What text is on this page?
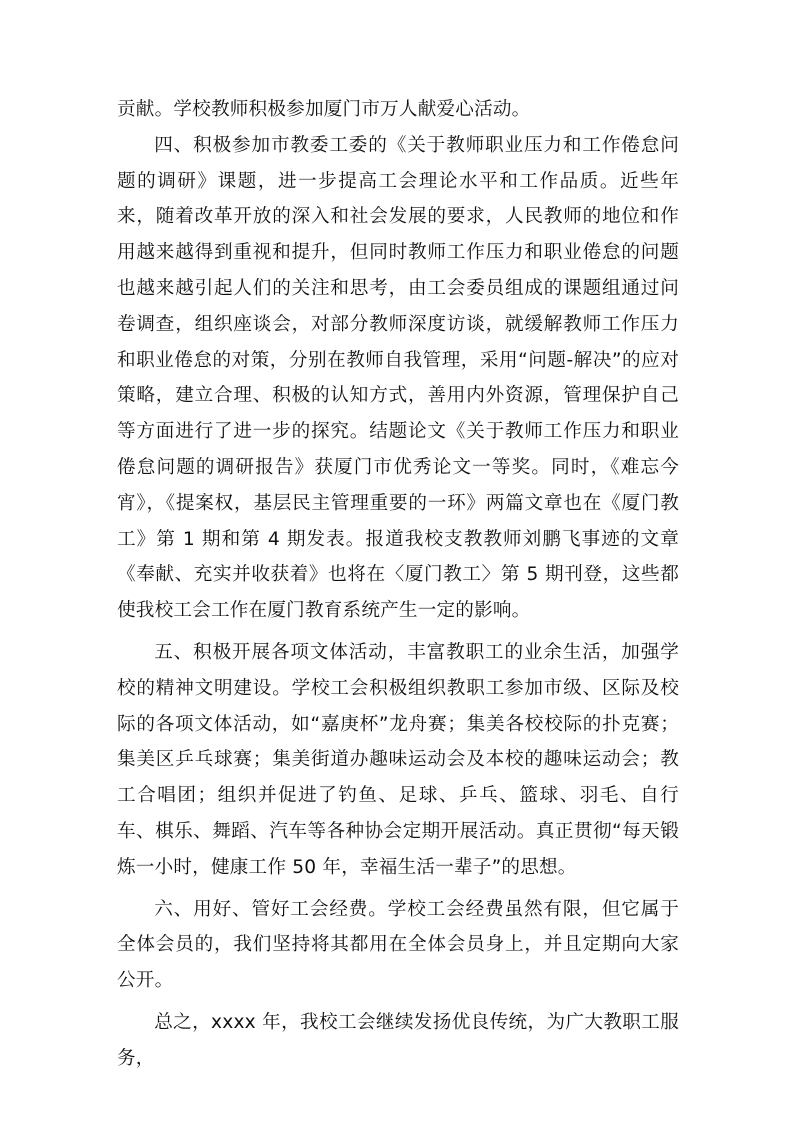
贡献。学校教师积极参加厦门市万人献爱心活动。

四、积极参加市教委工委的《关于教师职业压力和工作倦怠问题的调研》课题，进一步提高工会理论水平和工作品质。近些年来，随着改革开放的深入和社会发展的要求，人民教师的地位和作用越来越得到重视和提升，但同时教师工作压力和职业倦怠的问题也越来越引起人们的关注和思考，由工会委员组成的课题组通过问卷调查，组织座谈会，对部分教师深度访谈，就缓解教师工作压力和职业倦怠的对策，分别在教师自我管理，采用“问题-解决”的应对策略，建立合理、积极的认知方式，善用内外资源，管理保护自己等方面进行了进一步的探究。结题论文《关于教师工作压力和职业倦怠问题的调研报告》获厦门市优秀论文一等奖。同时，《难忘今宵》，《提案权，基层民主管理重要的一环》两篇文章也在《厦门教工》第 1 期和第 4 期发表。报道我校支教教师刘鹏飞事迹的文章《奉献、充实并收获着》也将在〈厦门教工〉第 5 期刊登，这些都使我校工会工作在厦门教育系统产生一定的影响。

五、积极开展各项文体活动，丰富教职工的业余生活，加强学校的精神文明建设。学校工会积极组织教职工参加市级、区际及校际的各项文体活动，如“嘉庚杯”龙舟赛；集美各校校际的扑克赛；集美区乒乓球赛；集美街道办趣味运动会及本校的趣味运动会；教工合唱团；组织并促进了钓鱼、足球、乒乓、篮球、羽毛、自行车、棋乐、舞蹈、汽车等各种协会定期开展活动。真正贯彻“每天锻炼一小时，健康工作 50 年，幸福生活一辈子”的思想。

六、用好、管好工会经费。学校工会经费虽然有限，但它属于全体会员的，我们坚持将其都用在全体会员身上，并且定期向大家公开。

总之，xxxx 年，我校工会继续发扬优良传统，为广大教职工服务，
